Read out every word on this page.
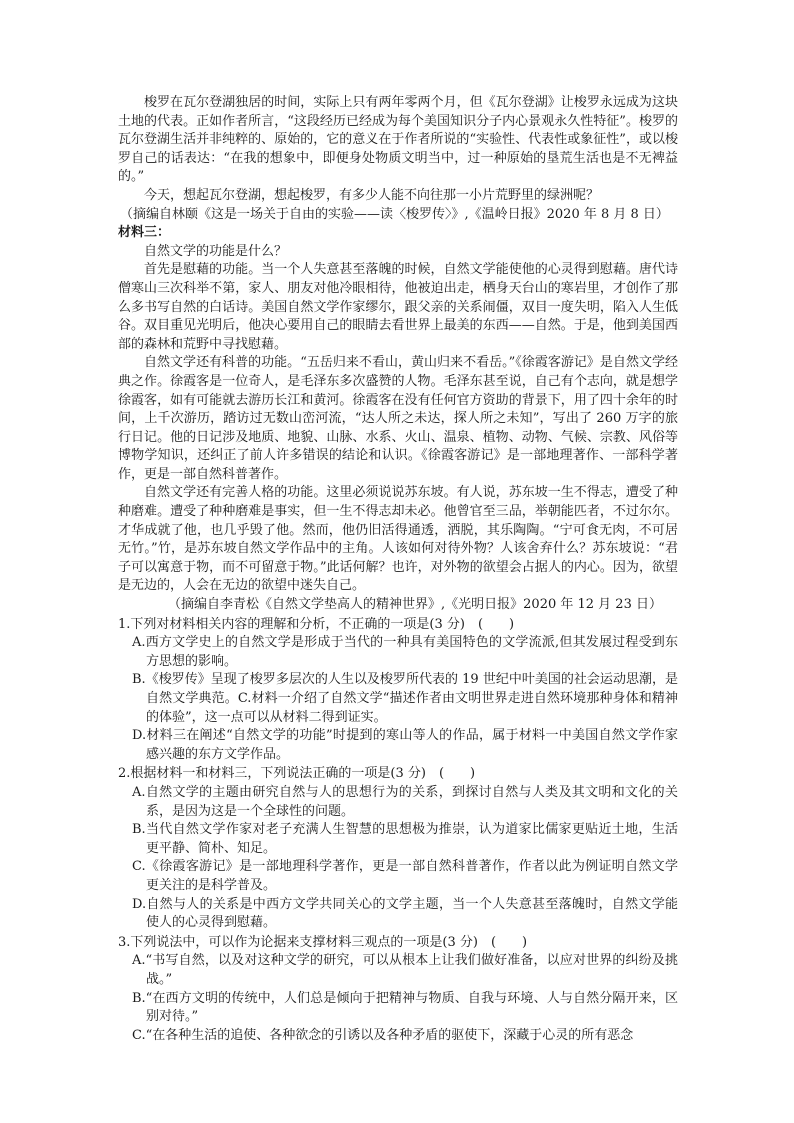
梭罗在瓦尔登湖独居的时间，实际上只有两年零两个月，但《瓦尔登湖》让梭罗永远成为这块土地的代表。正如作者所言，“这段经历已经成为每个美国知识分子内心景观永久性特征”。梭罗的瓦尔登湖生活并非纯粹的、原始的，它的意义在于作者所说的“实验性、代表性或象征性”，或以梭罗自己的话表达：“在我的想象中，即便身处物质文明当中，过一种原始的垦荒生活也是不无裨益的。”

今天，想起瓦尔登湖，想起梭罗，有多少人能不向往那一小片荒野里的绿洲呢？

（摘编自林颐《这是一场关于自由的实验——读〈梭罗传〉》,《温岭日报》2020 年 8 月 8 日）

材料三：

自然文学的功能是什么？

首先是慰藉的功能。当一个人失意甚至落魄的时候，自然文学能使他的心灵得到慰藉。唐代诗僧寒山三次科举不第，家人、朋友对他冷眼相待，他被迫出走，栖身天台山的寒岩里，才创作了那么多书写自然的白话诗。美国自然文学作家缪尔，跟父亲的关系闹僵，双目一度失明，陷入人生低谷。双目重见光明后，他决心要用自己的眼睛去看世界上最美的东西——自然。于是，他到美国西部的森林和荒野中寻找慰藉。

自然文学还有科普的功能。“五岳归来不看山，黄山归来不看岳。”《徐霞客游记》是自然文学经典之作。徐霞客是一位奇人，是毛泽东多次盛赞的人物。毛泽东甚至说，自己有个志向，就是想学徐霞客，如有可能就去游历长江和黄河。徐霞客在没有任何官方资助的背景下，用了四十余年的时间，上千次游历，踏访过无数山峦河流，“达人所之未达，探人所之未知”，写出了 260 万字的旅行日记。他的日记涉及地质、地貌、山脉、水系、火山、温泉、植物、动物、气候、宗教、风俗等博物学知识，还纠正了前人许多错误的结论和认识。《徐霞客游记》是一部地理著作、一部科学著作，更是一部自然科普著作。

自然文学还有完善人格的功能。这里必须说说苏东坡。有人说，苏东坡一生不得志，遭受了种种磨难。遭受了种种磨难是事实，但一生不得志却未必。他曾官至三品，举朝能匹者，不过尔尔。才华成就了他，也几乎毁了他。然而，他仍旧活得通透，洒脱，其乐陶陶。“宁可食无肉，不可居无竹。”竹，是苏东坡自然文学作品中的主角。人该如何对待外物？人该舍弃什么？苏东坡说：“君子可以寓意于物，而不可留意于物。”此话何解？也许，对外物的欲望会占据人的内心。因为，欲望是无边的，人会在无边的欲望中迷失自己。

（摘编自李青松《自然文学垫高人的精神世界》,《光明日报》2020 年 12 月 23 日）

1.下列对材料相关内容的理解和分析，不正确的一项是(3 分)　(　　)

A.西方文学史上的自然文学是形成于当代的一种具有美国特色的文学流派,但其发展过程受到东方思想的影响。

B.《梭罗传》呈现了梭罗多层次的人生以及梭罗所代表的 19 世纪中叶美国的社会运动思潮，是自然文学典范。C.材料一介绍了自然文学“描述作者由文明世界走进自然环境那种身体和精神的体验”，这一点可以从材料二得到证实。

D.材料三在阐述“自然文学的功能”时提到的寒山等人的作品，属于材料一中美国自然文学作家感兴趣的东方文学作品。

2.根据材料一和材料三，下列说法正确的一项是(3 分)　(　　)

A.自然文学的主题由研究自然与人的思想行为的关系，到探讨自然与人类及其文明和文化的关系，是因为这是一个全球性的问题。

B.当代自然文学作家对老子充满人生智慧的思想极为推崇，认为道家比儒家更贴近土地，生活更平静、简朴、知足。

C.《徐霞客游记》是一部地理科学著作，更是一部自然科普著作，作者以此为例证明自然文学更关注的是科学普及。

D.自然与人的关系是中西方文学共同关心的文学主题，当一个人失意甚至落魄时，自然文学能使人的心灵得到慰藉。

3.下列说法中，可以作为论据来支撑材料三观点的一项是(3 分)　(　　)

A.“书写自然，以及对这种文学的研究，可以从根本上让我们做好准备，以应对世界的纠纷及挑战。”

B.“在西方文明的传统中，人们总是倾向于把精神与物质、自我与环境、人与自然分隔开来，区别对待。”

C.“在各种生活的追使、各种欲念的引诱以及各种矛盾的驱使下，深藏于心灵的所有恶念
